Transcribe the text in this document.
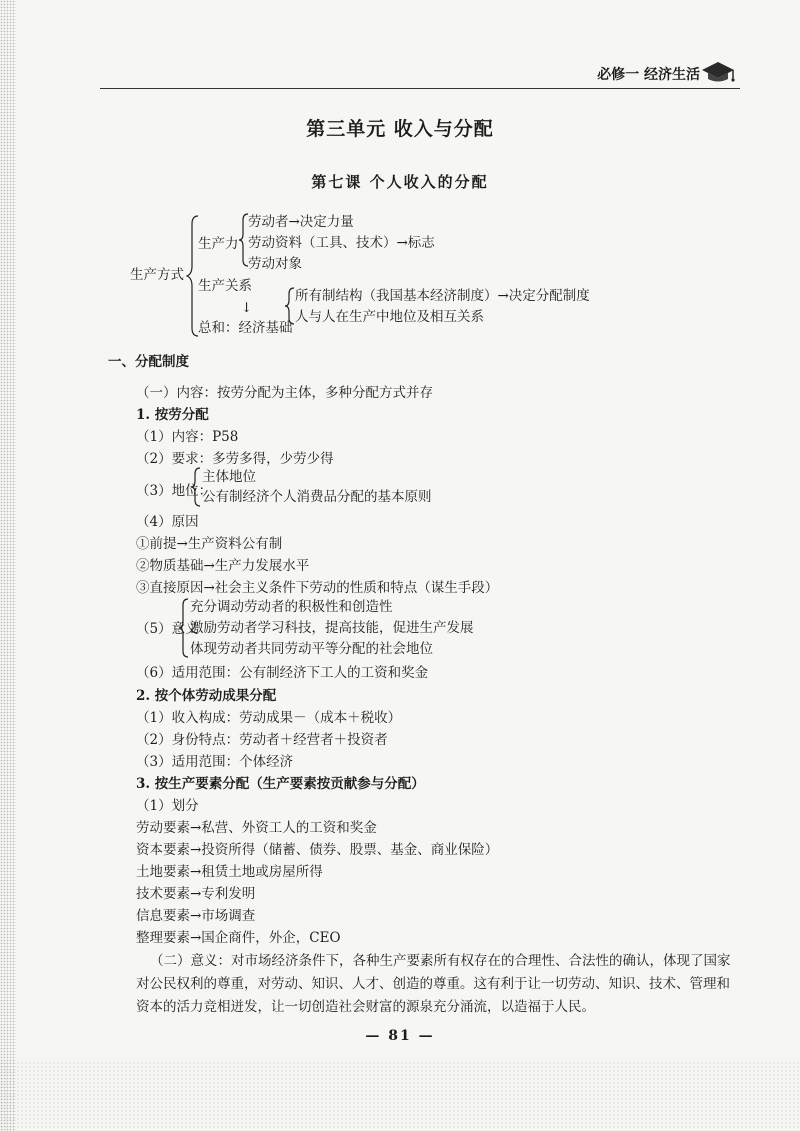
必修一 经济生活
第三单元 收入与分配
第七课 个人收入的分配
生产方式
生产力
劳动者→决定力量
劳动资料（工具、技术）→标志
劳动对象
生产关系
↓
总和：经济基础
所有制结构（我国基本经济制度）→决定分配制度
人与人在生产中地位及相互关系
一、分配制度
（一）内容：按劳分配为主体，多种分配方式并存
1. 按劳分配
（1）内容：P58
（2）要求：多劳多得，少劳少得
（3）地位：
主体地位
公有制经济个人消费品分配的基本原则
（4）原因
①前提→生产资料公有制
②物质基础→生产力发展水平
③直接原因→社会主义条件下劳动的性质和特点（谋生手段）
（5）意义
充分调动劳动者的积极性和创造性
激励劳动者学习科技，提高技能，促进生产发展
体现劳动者共同劳动平等分配的社会地位
（6）适用范围：公有制经济下工人的工资和奖金
2. 按个体劳动成果分配
（1）收入构成：劳动成果－（成本＋税收）
（2）身份特点：劳动者＋经营者＋投资者
（3）适用范围：个体经济
3. 按生产要素分配（生产要素按贡献参与分配）
（1）划分
劳动要素→私营、外资工人的工资和奖金
资本要素→投资所得（储蓄、债券、股票、基金、商业保险）
土地要素→租赁土地或房屋所得
技术要素→专利发明
信息要素→市场调查
整理要素→国企商件，外企，CEO
（二）意义：对市场经济条件下，各种生产要素所有权存在的合理性、合法性的确认，体现了国家对公民权利的尊重，对劳动、知识、人才、创造的尊重。这有利于让一切劳动、知识、技术、管理和资本的活力竞相迸发，让一切创造社会财富的源泉充分涌流，以造福于人民。
— 81 —
